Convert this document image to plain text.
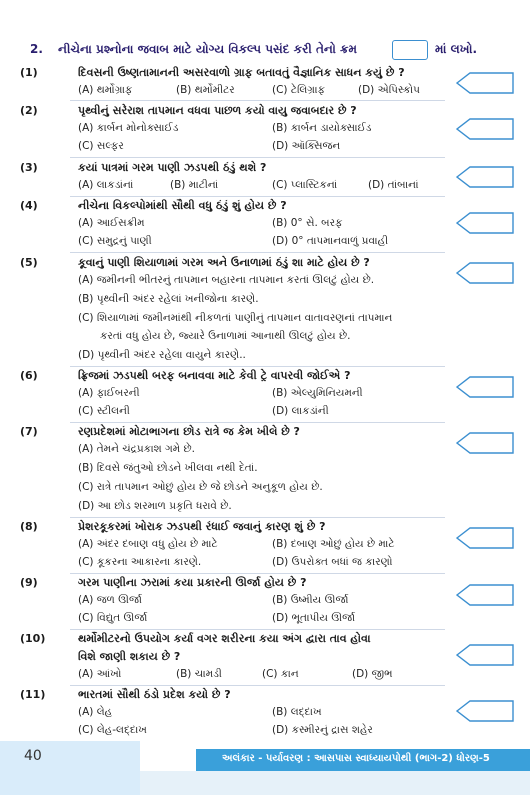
2. નીચેના પ્રશ્નોના જવાબ માટે યોગ્ય વિકલ્પ પસંદ કરી તેનો ક્રમ	માં લખો.
(1)	દિવસની ઉષ્ણતામાનની અસરવાળો ગ્રાફ બતાવતું વૈજ્ઞાનિક સાધન કયું છે ?
(A) થર્મોગ્રાફ	(B) થર્મોમીટર	(C) ટેલિગ્રાફ	(D) એપિસ્કોપ
(2)	પૃથ્વીનું સરેરાશ તાપમાન વધવા પાછળ કયો વાયુ જવાબદાર છે ?
(A) કાર્બન મોનોક્સાઈડ	(B) કાર્બન ડાયોક્સાઈડ
(C) સલ્ફર	(D) ઑક્સિજન
(3)	કયાં પાત્રમાં ગરમ પાણી ઝડપથી ઠંડું થશે ?
(A) લાકડાંનાં	(B) માટીનાં	(C) પ્લાસ્ટિકનાં	(D) તાંબાનાં
(4)	નીચેના વિકલ્પોમાંથી સૌથી વધુ ઠંડું શું હોય છે ?
(A) આઈસક્રીમ	(B) 0° સે. બરફ
(C) સમુદ્રનું પાણી	(D) 0° તાપમાનવાળું પ્રવાહી
(5)	કૂવાનું પાણી શિયાળામાં ગરમ અને ઉનાળામાં ઠંડું શા માટે હોય છે ?
(A) જમીનની ભીતરનું તાપમાન બહારના તાપમાન કરતાં ઊલટું હોય છે.
(B) પૃથ્વીની અંદર રહેલાં ખનીજોના કારણે.
(C) શિયાળામાં જમીનમાંથી નીકળતાં પાણીનું તાપમાન વાતાવરણનાં તાપમાન
કરતાં વધુ હોય છે, જ્યારે ઉનાળામાં આનાથી ઊલટું હોય છે.
(D) પૃથ્વીની અંદર રહેલા વાયુને કારણે..
(6)	ફ્રિજમાં ઝડપથી બરફ બનાવવા માટે કેવી ટ્રે વાપરવી જોઈએ ?
(A) ફાઈબરની	(B) એલ્યુમિનિયમની
(C) સ્ટીલની	(D) લાકડાંની
(7)	રણપ્રદેશમાં મોટાભાગના છોડ રાત્રે જ કેમ ખીલે છે ?
(A) તેમને ચંદ્રપ્રકાશ ગમે છે.
(B) દિવસે જંતુઓ છોડને ખીલવા નથી દેતાં.
(C) રાત્રે તાપમાન ઓછું હોય છે જે છોડને અનુકૂળ હોય છે.
(D) આ છોડ શરમાળ પ્રકૃતિ ધરાવે છે.
(8)	પ્રેશરકૂકરમાં ખોરાક ઝડપથી રંધાઈ જવાનું કારણ શું છે ?
(A) અંદર દબાણ વધુ હોય છે માટે	(B) દબાણ ઓછું હોય છે માટે
(C) કૂકરના આકારના કારણે.	(D) ઉપરોક્ત બધાં જ કારણો
(9)	ગરમ પાણીના ઝરામાં કયા પ્રકારની ઊર્જા હોય છે ?
(A) જળ ઊર્જા	(B) ઉષ્મીય ઊર્જા
(C) વિદ્યુત ઊર્જા	(D) ભૂતાપીય ઊર્જા
(10)	થર્મોમીટરનો ઉપયોગ કર્યા વગર શરીરના કયા અંગ દ્વારા તાવ હોવા
વિશે જાણી શકાય છે ?
(A) આંખો	(B) ચામડી	(C) કાન	(D) જીભ
(11)	ભારતમાં સૌથી ઠંડો પ્રદેશ કયો છે ?
(A) લેહ	(B) લદ્દાખ
(C) લેહ-લદ્દાખ	(D) કસ્મીરનું દ્રાસ શહેર
40	અલંકાર - પર્યાવરણ : આસપાસ સ્વાધ્યાયપોથી (ભાગ-2) ધોરણ-5
